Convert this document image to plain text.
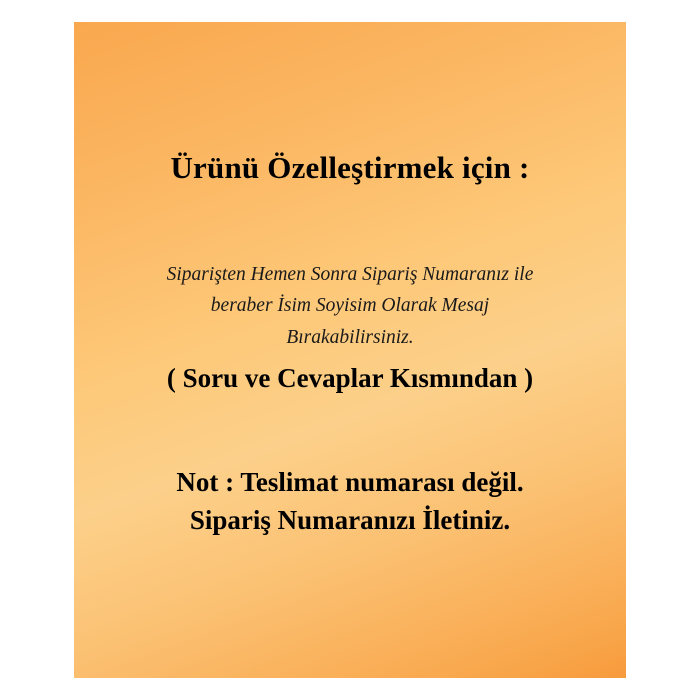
Ürünü Özelleştirmek için :
Siparişten Hemen Sonra Sipariş Numaranız ile
beraber İsim Soyisim Olarak Mesaj
Bırakabilirsiniz.
( Soru ve Cevaplar Kısmından )
Not : Teslimat numarası değil.
Sipariş Numaranızı İletiniz.
